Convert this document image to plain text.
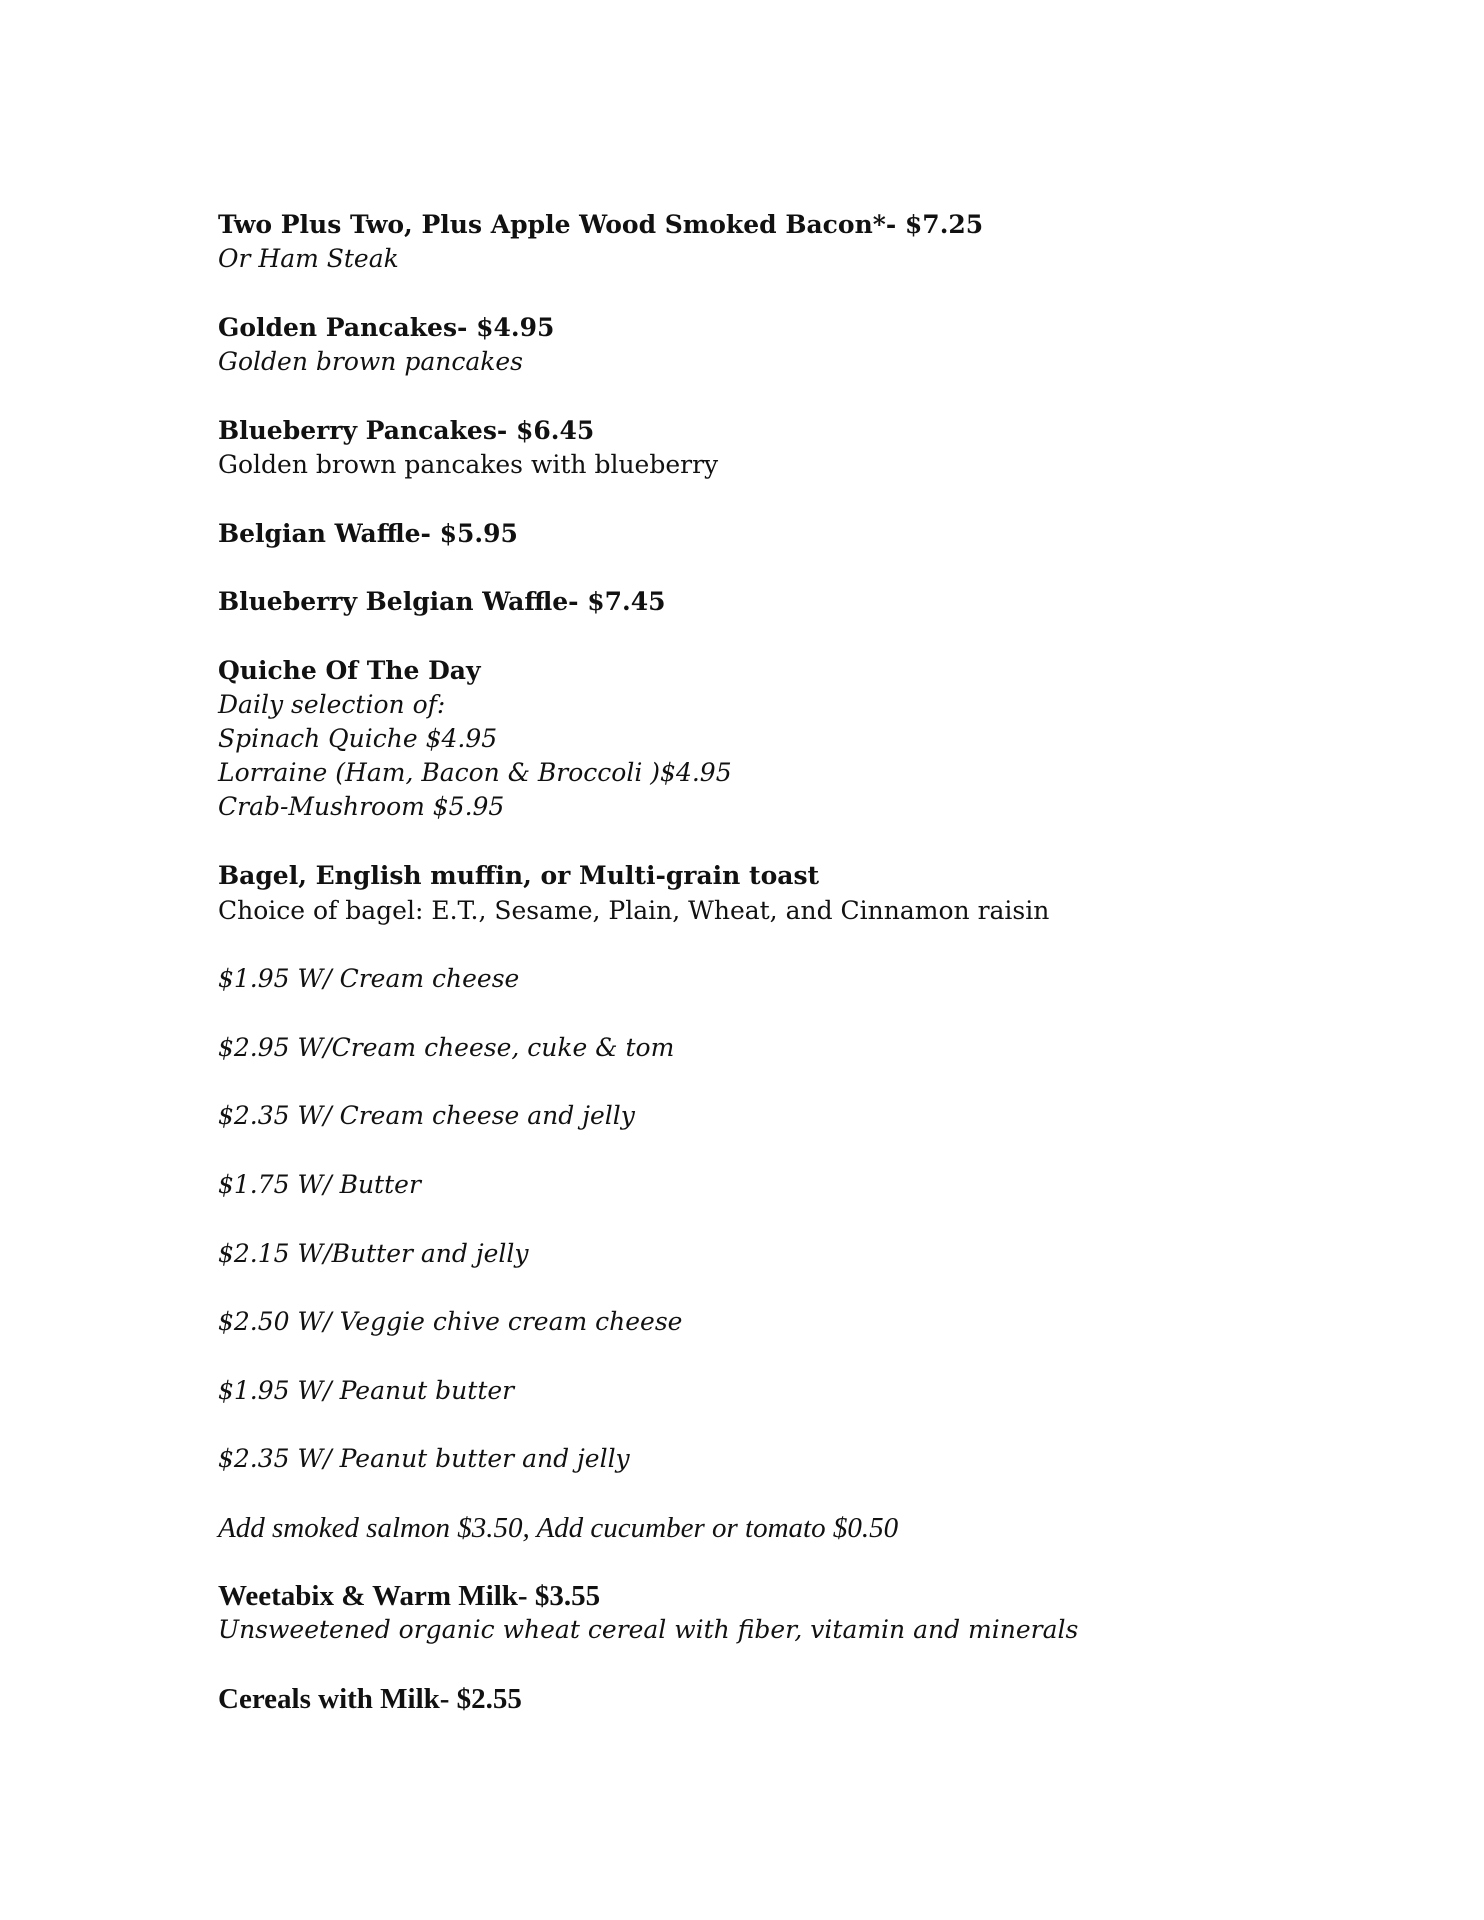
Two Plus Two, Plus Apple Wood Smoked Bacon*- $7.25
Or Ham Steak
Golden Pancakes- $4.95
Golden brown pancakes
Blueberry Pancakes- $6.45
Golden brown pancakes with blueberry
Belgian Waffle- $5.95
Blueberry Belgian Waffle- $7.45
Quiche Of The Day
Daily selection of:
Spinach Quiche $4.95
Lorraine (Ham, Bacon & Broccoli )$4.95
Crab-Mushroom $5.95
Bagel, English muffin, or Multi-grain toast
Choice of bagel: E.T., Sesame, Plain, Wheat, and Cinnamon raisin
$1.95 W/ Cream cheese
$2.95 W/Cream cheese, cuke & tom
$2.35 W/ Cream cheese and jelly
$1.75 W/ Butter
$2.15 W/Butter and jelly
$2.50 W/ Veggie chive cream cheese
$1.95 W/ Peanut butter
$2.35 W/ Peanut butter and jelly
Add smoked salmon $3.50, Add cucumber or tomato $0.50
Weetabix & Warm Milk- $3.55
Unsweetened organic wheat cereal with fiber, vitamin and minerals
Cereals with Milk- $2.55
